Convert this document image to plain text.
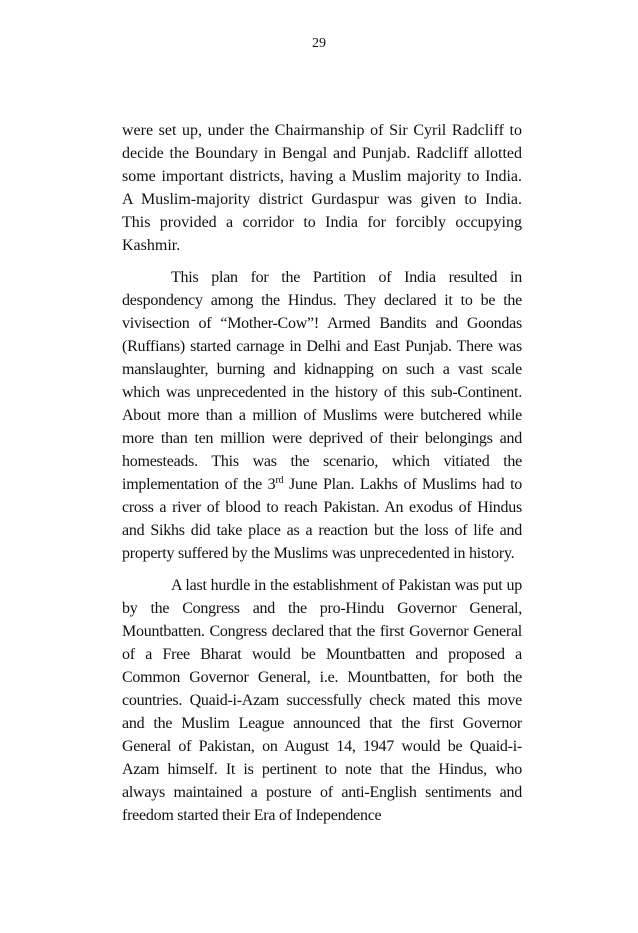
29

were set up, under the Chairmanship of Sir Cyril Radcliff to decide the Boundary in Bengal and Punjab. Radcliff allotted some important districts, having a Muslim majority to India. A Muslim-majority district Gurdaspur was given to India. This provided a corridor to India for forcibly occupying Kashmir.

This plan for the Partition of India resulted in despondency among the Hindus. They declared it to be the vivisection of “Mother-Cow”! Armed Bandits and Goondas (Ruffians) started carnage in Delhi and East Punjab. There was manslaughter, burning and kidnapping on such a vast scale which was unprecedented in the history of this sub-Continent. About more than a million of Muslims were butchered while more than ten million were deprived of their belongings and homesteads. This was the scenario, which vitiated the implementation of the 3rd June Plan. Lakhs of Muslims had to cross a river of blood to reach Pakistan. An exodus of Hindus and Sikhs did take place as a reaction but the loss of life and property suffered by the Muslims was unprecedented in history.

A last hurdle in the establishment of Pakistan was put up by the Congress and the pro-Hindu Governor General, Mountbatten. Congress declared that the first Governor General of a Free Bharat would be Mountbatten and proposed a Common Governor General, i.e. Mountbatten, for both the countries. Quaid-i-Azam successfully check mated this move and the Muslim League announced that the first Governor General of Pakistan, on August 14, 1947 would be Quaid-i-Azam himself. It is pertinent to note that the Hindus, who always maintained a posture of anti-English sentiments and freedom started their Era of Independence
